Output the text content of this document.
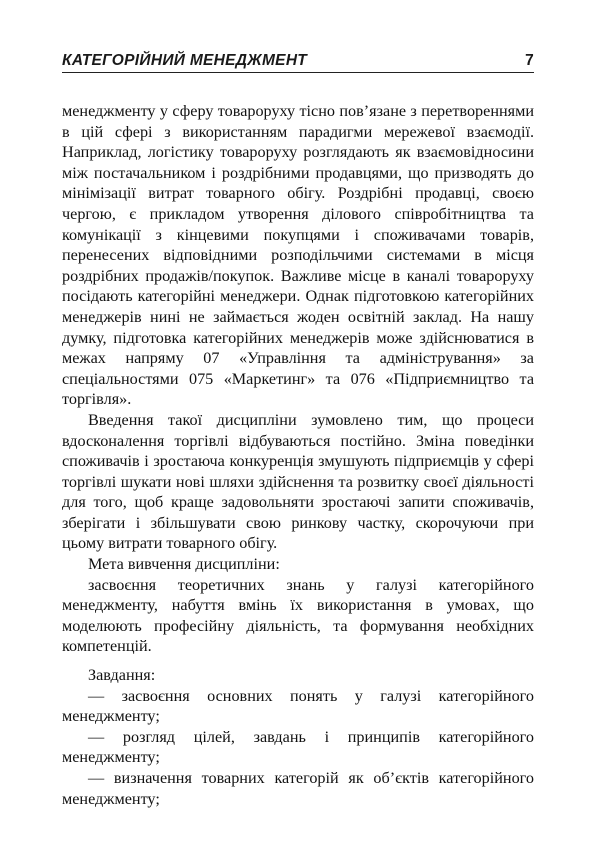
КАТЕГОРІЙНИЙ МЕНЕДЖМЕНТ	7

менеджменту у сферу товароруху тісно пов’язане з перетвореннями в цій сфері з використанням парадигми мережевої взаємодії. Наприклад, логістику товароруху розглядають як взаємовідносини між постачальником і роздрібними продавцями, що призводять до мінімізації витрат товарного обігу. Роздрібні продавці, своєю чергою, є прикладом утворення ділового співробітництва та комунікації з кінцевими покупцями і споживачами товарів, перенесених відповідними розподільчими системами в місця роздрібних продажів/покупок. Важливе місце в каналі товароруху посідають категорійні менеджери. Однак підготовкою категорійних менеджерів нині не займається жоден освітній заклад. На нашу думку, підготовка категорійних менеджерів може здійснюватися в межах напряму 07 «Управління та адміністрування» за спеціальностями 075 «Маркетинг» та 076 «Підприємництво та торгівля».

Введення такої дисципліни зумовлено тим, що процеси вдосконалення торгівлі відбуваються постійно. Зміна поведінки споживачів і зростаюча конкуренція змушують підприємців у сфері торгівлі шукати нові шляхи здійснення та розвитку своєї діяльності для того, щоб краще задовольняти зростаючі запити споживачів, зберігати і збільшувати свою ринкову частку, скорочуючи при цьому витрати товарного обігу.

Мета вивчення дисципліни:

засвоєння теоретичних знань у галузі категорійного менеджменту, набуття вмінь їх використання в умовах, що моделюють професійну діяльність, та формування необхідних компетенцій.

Завдання:

— засвоєння основних понять у галузі категорійного менеджменту;

— розгляд цілей, завдань і принципів категорійного менеджменту;

— визначення товарних категорій як об’єктів категорійного менеджменту;
